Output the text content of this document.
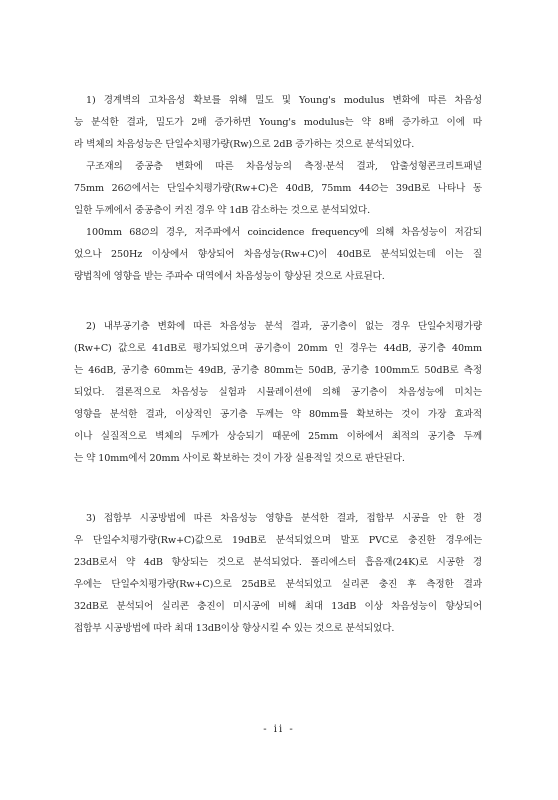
1) 경계벽의 고차음성 확보를 위해 밀도 및 Young's modulus 변화에 따른 차음성
능 분석한 결과, 밀도가 2배 증가하면 Young's modulus는 약 8배 증가하고 이에 따
라 벽체의 차음성능은 단일수치평가량(Rw)으로 2dB 증가하는 것으로 분석되었다.
구조재의 중공층 변화에 따른 차음성능의 측정·분석 결과, 압출성형콘크리트패널
75mm 26∅에서는 단일수치평가량(Rw+C)은 40dB, 75mm 44∅는 39dB로 나타나 동
일한 두께에서 중공층이 커진 경우 약 1dB 감소하는 것으로 분석되었다.
100mm 68∅의 경우, 저주파에서 coincidence frequency에 의해 차음성능이 저감되
었으나 250Hz 이상에서 향상되어 차음성능(Rw+C)이 40dB로 분석되었는데 이는 질
량법칙에 영향을 받는 주파수 대역에서 차음성능이 향상된 것으로 사료된다.
2) 내부공기층 변화에 따른 차음성능 분석 결과, 공기층이 없는 경우 단일수치평가량
(Rw+C) 값으로 41dB로 평가되었으며 공기층이 20mm 인 경우는 44dB, 공기층 40mm
는 46dB, 공기층 60mm는 49dB, 공기층 80mm는 50dB, 공기층 100mm도 50dB로 측정
되었다. 결론적으로 차음성능 실험과 시뮬레이션에 의해 공기층이 차음성능에 미치는
영향을 분석한 결과, 이상적인 공기층 두께는 약 80mm를 확보하는 것이 가장 효과적
이나 실질적으로 벽체의 두께가 상승되기 때문에 25mm 이하에서 최적의 공기층 두께
는 약 10mm에서 20mm 사이로 확보하는 것이 가장 실용적일 것으로 판단된다.
3) 접합부 시공방법에 따른 차음성능 영향을 분석한 결과, 접합부 시공을 안 한 경
우 단일수치평가량(Rw+C)값으로 19dB로 분석되었으며 발포 PVC로 충진한 경우에는
23dB로서 약 4dB 향상되는 것으로 분석되었다. 폴리에스터 흡음재(24K)로 시공한 경
우에는 단일수치평가량(Rw+C)으로 25dB로 분석되었고 실리콘 충진 후 측정한 결과
32dB로 분석되어 실리콘 충진이 미시공에 비해 최대 13dB 이상 차음성능이 향상되어
접합부 시공방법에 따라 최대 13dB이상 향상시킬 수 있는 것으로 분석되었다.
- ii -
